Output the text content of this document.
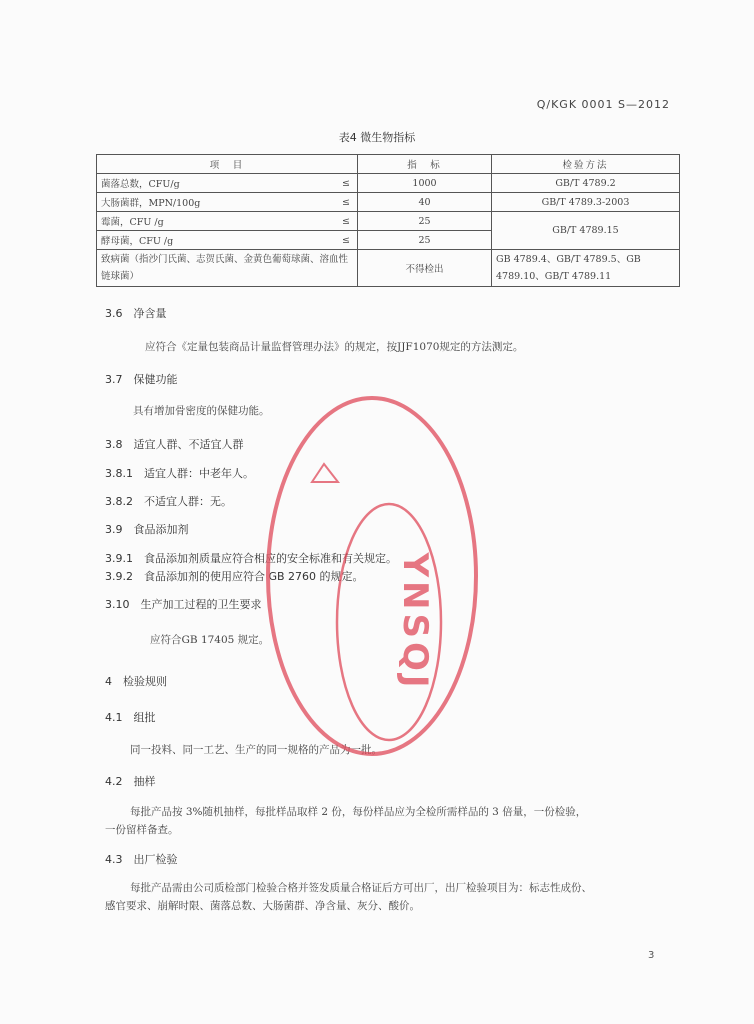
Q/KGK 0001 S—2012
表4 微生物指标
项　目		指　标	检验方法
菌落总数，CFU/g	≤	1000	GB/T 4789.2
大肠菌群，MPN/100g	≤	40	GB/T 4789.3-2003
霉菌，CFU /g	≤	25	GB/T 4789.15
酵母菌，CFU /g	≤	25	
致病菌（指沙门氏菌、志贺氏菌、金黄色葡萄球菌、溶血性链球菌）		不得检出	GB 4789.4、GB/T 4789.5、GB 4789.10、GB/T 4789.11
3.6　净含量
应符合《定量包装商品计量监督管理办法》的规定，按JJF1070规定的方法测定。
3.7　保健功能
具有增加骨密度的保健功能。
3.8　适宜人群、不适宜人群
3.8.1　适宜人群：中老年人。
3.8.2　不适宜人群：无。
3.9　食品添加剂
3.9.1　食品添加剂质量应符合相应的安全标准和有关规定。
3.9.2　食品添加剂的使用应符合 GB 2760 的规定。
3.10　生产加工过程的卫生要求
应符合GB 17405 规定。
4　检验规则
4.1　组批
同一投料、同一工艺、生产的同一规格的产品为一批。
4.2　抽样
每批产品按 3%随机抽样，每批样品取样 2 份，每份样品应为全检所需样品的 3 倍量，一份检验，
一份留样备查。
4.3　出厂检验
每批产品需由公司质检部门检验合格并签发质量合格证后方可出厂，出厂检验项目为：标志性成份、
感官要求、崩解时限、菌落总数、大肠菌群、净含量、灰分、酸价。
YNSQJ
3
